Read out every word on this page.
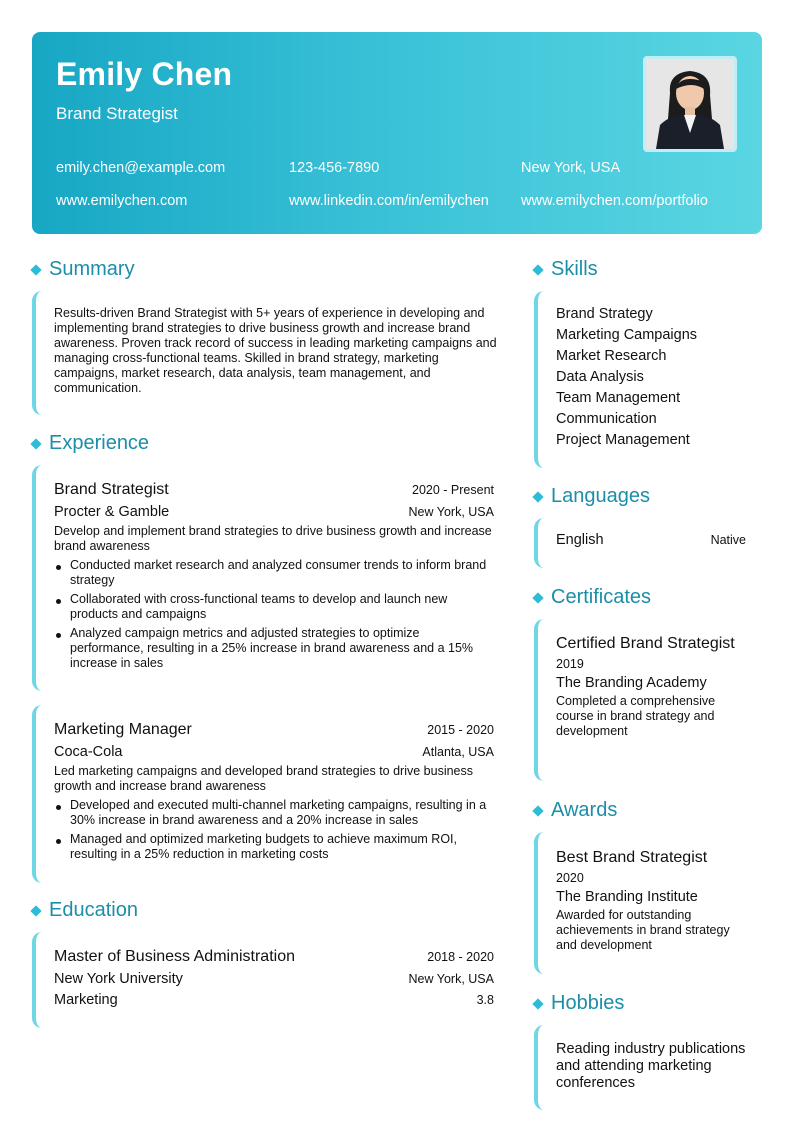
Emily Chen
Brand Strategist
emily.chen@example.com	123-456-7890	New York, USA
www.emilychen.com	www.linkedin.com/in/emilychen www.emilychen.com/portfolio
Summary
Results-driven Brand Strategist with 5+ years of experience in developing and implementing brand strategies to drive business growth and increase brand awareness. Proven track record of success in leading marketing campaigns and managing cross-functional teams. Skilled in brand strategy, marketing campaigns, market research, data analysis, team management, and communication.
Experience
Brand Strategist	2020 - Present
Procter & Gamble	New York, USA
Develop and implement brand strategies to drive business growth and increase brand awareness
Conducted market research and analyzed consumer trends to inform brand strategy
Collaborated with cross-functional teams to develop and launch new products and campaigns
Analyzed campaign metrics and adjusted strategies to optimize performance, resulting in a 25% increase in brand awareness and a 15% increase in sales
Marketing Manager	2015 - 2020
Coca-Cola	Atlanta, USA
Led marketing campaigns and developed brand strategies to drive business growth and increase brand awareness
Developed and executed multi-channel marketing campaigns, resulting in a 30% increase in brand awareness and a 20% increase in sales
Managed and optimized marketing budgets to achieve maximum ROI, resulting in a 25% reduction in marketing costs
Education
Master of Business Administration	2018 - 2020
New York University	New York, USA
Marketing	3.8
Skills
Brand Strategy
Marketing Campaigns
Market Research
Data Analysis
Team Management
Communication
Project Management
Languages
English	Native
Certificates
Certified Brand Strategist
2019
The Branding Academy
Completed a comprehensive course in brand strategy and development
Awards
Best Brand Strategist
2020
The Branding Institute
Awarded for outstanding achievements in brand strategy and development
Hobbies
Reading industry publications and attending marketing conferences
